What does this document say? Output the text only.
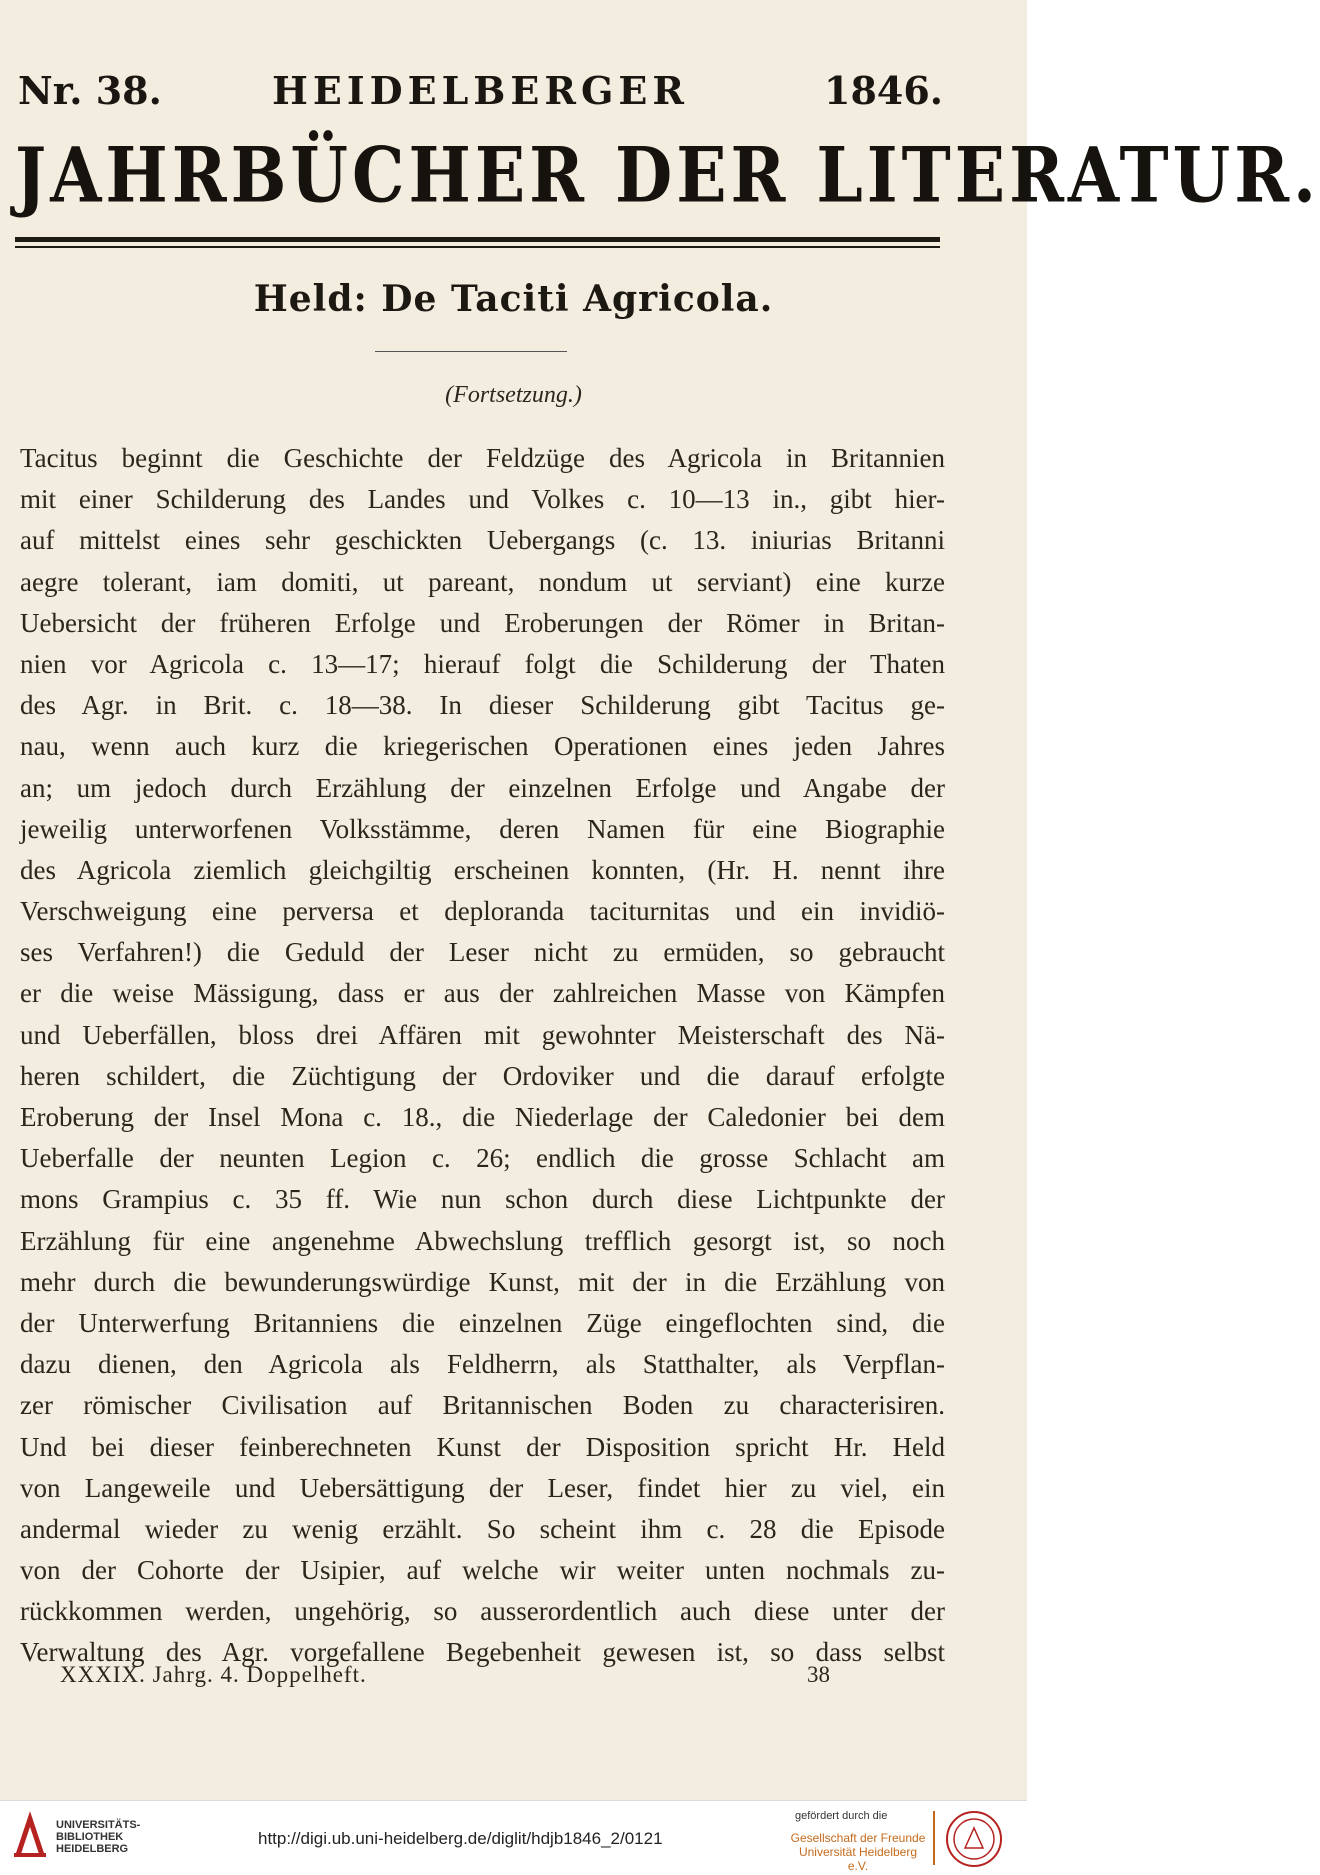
Nr. 38.	HEIDELBERGER	1846.
JAHRBÜCHER DER LITERATUR.
Held: De Taciti Agricola.
(Fortsetzung.)
Tacitus beginnt die Geschichte der Feldzüge des Agricola in Britannien
mit einer Schilderung des Landes und Volkes c. 10—13 in., gibt hier-
auf mittelst eines sehr geschickten Uebergangs (c. 13. iniurias Britanni
aegre tolerant, iam domiti, ut pareant, nondum ut serviant) eine kurze
Uebersicht der früheren Erfolge und Eroberungen der Römer in Britan-
nien vor Agricola c. 13—17; hierauf folgt die Schilderung der Thaten
des Agr. in Brit. c. 18—38. In dieser Schilderung gibt Tacitus ge-
nau, wenn auch kurz die kriegerischen Operationen eines jeden Jahres
an; um jedoch durch Erzählung der einzelnen Erfolge und Angabe der
jeweilig unterworfenen Volksstämme, deren Namen für eine Biographie
des Agricola ziemlich gleichgiltig erscheinen konnten, (Hr. H. nennt ihre
Verschweigung eine perversa et deploranda taciturnitas und ein invidiö-
ses Verfahren!) die Geduld der Leser nicht zu ermüden, so gebraucht
er die weise Mässigung, dass er aus der zahlreichen Masse von Kämpfen
und Ueberfällen, bloss drei Affären mit gewohnter Meisterschaft des Nä-
heren schildert, die Züchtigung der Ordoviker und die darauf erfolgte
Eroberung der Insel Mona c. 18., die Niederlage der Caledonier bei dem
Ueberfalle der neunten Legion c. 26; endlich die grosse Schlacht am
mons Grampius c. 35 ff. Wie nun schon durch diese Lichtpunkte der
Erzählung für eine angenehme Abwechslung trefflich gesorgt ist, so noch
mehr durch die bewunderungswürdige Kunst, mit der in die Erzählung von
der Unterwerfung Britanniens die einzelnen Züge eingeflochten sind, die
dazu dienen, den Agricola als Feldherrn, als Statthalter, als Verpflan-
zer römischer Civilisation auf Britannischen Boden zu characterisiren.
Und bei dieser feinberechneten Kunst der Disposition spricht Hr. Held
von Langeweile und Uebersättigung der Leser, findet hier zu viel, ein
andermal wieder zu wenig erzählt. So scheint ihm c. 28 die Episode
von der Cohorte der Usipier, auf welche wir weiter unten nochmals zu-
rückkommen werden, ungehörig, so ausserordentlich auch diese unter der
Verwaltung des Agr. vorgefallene Begebenheit gewesen ist, so dass selbst
XXXIX. Jahrg. 4. Doppelheft.	38
UNIVERSITÄTS-
BIBLIOTHEK
HEIDELBERG
http://digi.ub.uni-heidelberg.de/diglit/hdjb1846_2/0121
gefördert durch die
Gesellschaft der Freunde
Universität Heidelberg e.V.
